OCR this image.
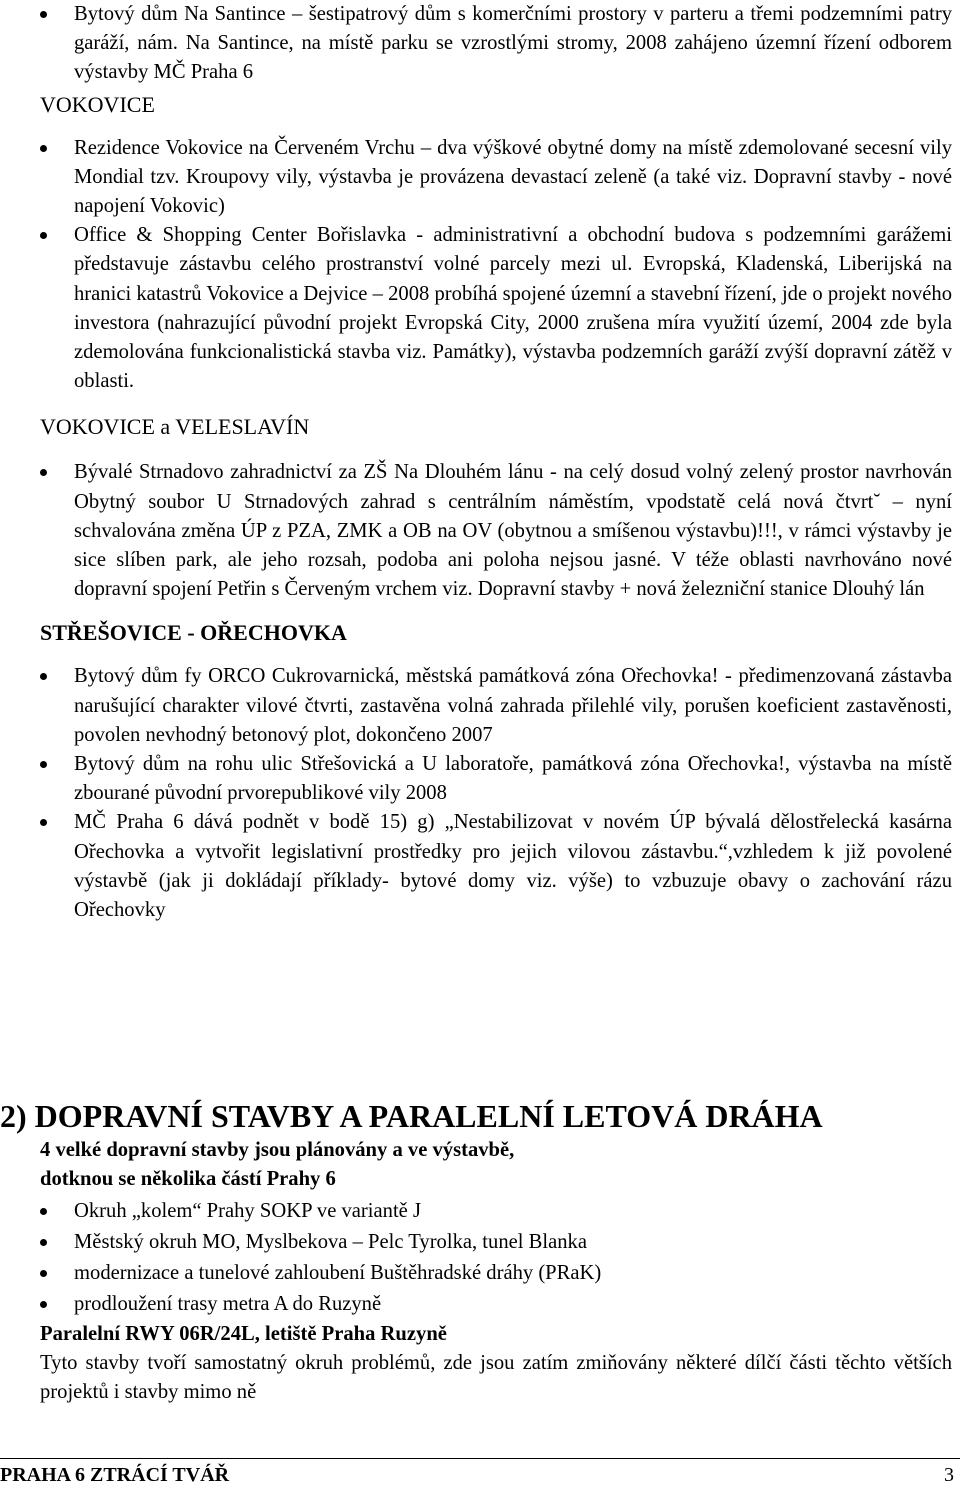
Bytový dům Na Santince – šestipatrový dům s komerčními prostory v parteru a třemi podzemními patry garáží, nám. Na Santince, na místě parku se vzrostlými stromy, 2008 zahájeno územní řízení odborem výstavby MČ Praha 6
VOKOVICE
Rezidence Vokovice na Červeném Vrchu – dva výškové obytné domy na místě zdemolované secesní vily Mondial tzv. Kroupovy vily, výstavba je provázena devastací zeleně (a také viz. Dopravní stavby - nové napojení Vokovic)
Office & Shopping Center Bořislavka - administrativní a obchodní budova s podzemními garážemi představuje zástavbu celého prostranství volné parcely mezi ul. Evropská, Kladenská, Liberijská na hranici katastrů Vokovice a Dejvice – 2008 probíhá spojené územní a stavební řízení, jde o projekt nového investora (nahrazující původní projekt Evropská City, 2000 zrušena míra využití území, 2004 zde byla zdemolována funkcionalistická stavba viz. Památky), výstavba podzemních garáží zvýší dopravní zátěž v oblasti.
VOKOVICE a VELESLAVÍN
Bývalé Strnadovo zahradnictví za ZŠ Na Dlouhém lánu - na celý dosud volný zelený prostor navrhován Obytný soubor U Strnadových zahrad s centrálním náměstím, vpodstatě celá nová čtvrt˘ – nyní schvalována změna ÚP z PZA, ZMK a OB na OV (obytnou a smíšenou výstavbu)!!!, v rámci výstavby je sice slíben park, ale jeho rozsah, podoba ani poloha nejsou jasné. V téže oblasti navrhováno nové dopravní spojení Petřin s Červeným vrchem viz. Dopravní stavby + nová železniční stanice Dlouhý lán
STŘEŠOVICE - OŘECHOVKA
Bytový dům fy ORCO Cukrovarnická, městská památková zóna Ořechovka! - předimenzovaná zástavba narušující charakter vilové čtvrti, zastavěna volná zahrada přilehlé vily, porušen koeficient zastavěnosti, povolen nevhodný betonový plot, dokončeno 2007
Bytový dům na rohu ulic Střešovická a U laboratoře, památková zóna Ořechovka!, výstavba na místě zbourané původní prvorepublikové vily 2008
MČ Praha 6 dává podnět v bodě 15) g) „Nestabilizovat v novém ÚP bývalá dělostřelecká kasárna Ořechovka a vytvořit legislativní prostředky pro jejich vilovou zástavbu.“,vzhledem k již povolené výstavbě (jak ji dokládají příklady- bytové domy viz. výše) to vzbuzuje obavy o zachování rázu Ořechovky
2) DOPRAVNÍ STAVBY A PARALELNÍ LETOVÁ DRÁHA

4 velké dopravní stavby jsou plánovány a ve výstavbě,

dotknou se několika částí Prahy 6

Okruh „kolem“ Prahy SOKP ve variantě J
Městský okruh MO, Myslbekova – Pelc Tyrolka, tunel Blanka
modernizace a tunelové zahloubení Buštěhradské dráhy (PRaK)
prodloužení trasy metra A do Ruzyně

Paralelní RWY 06R/24L, letiště Praha Ruzyně

Tyto stavby tvoří samostatný okruh problémů, zde jsou zatím zmiňovány některé dílčí části těchto větších projektů i stavby mimo ně

PRAHA 6 ZTRÁCÍ TVÁŘ	3
